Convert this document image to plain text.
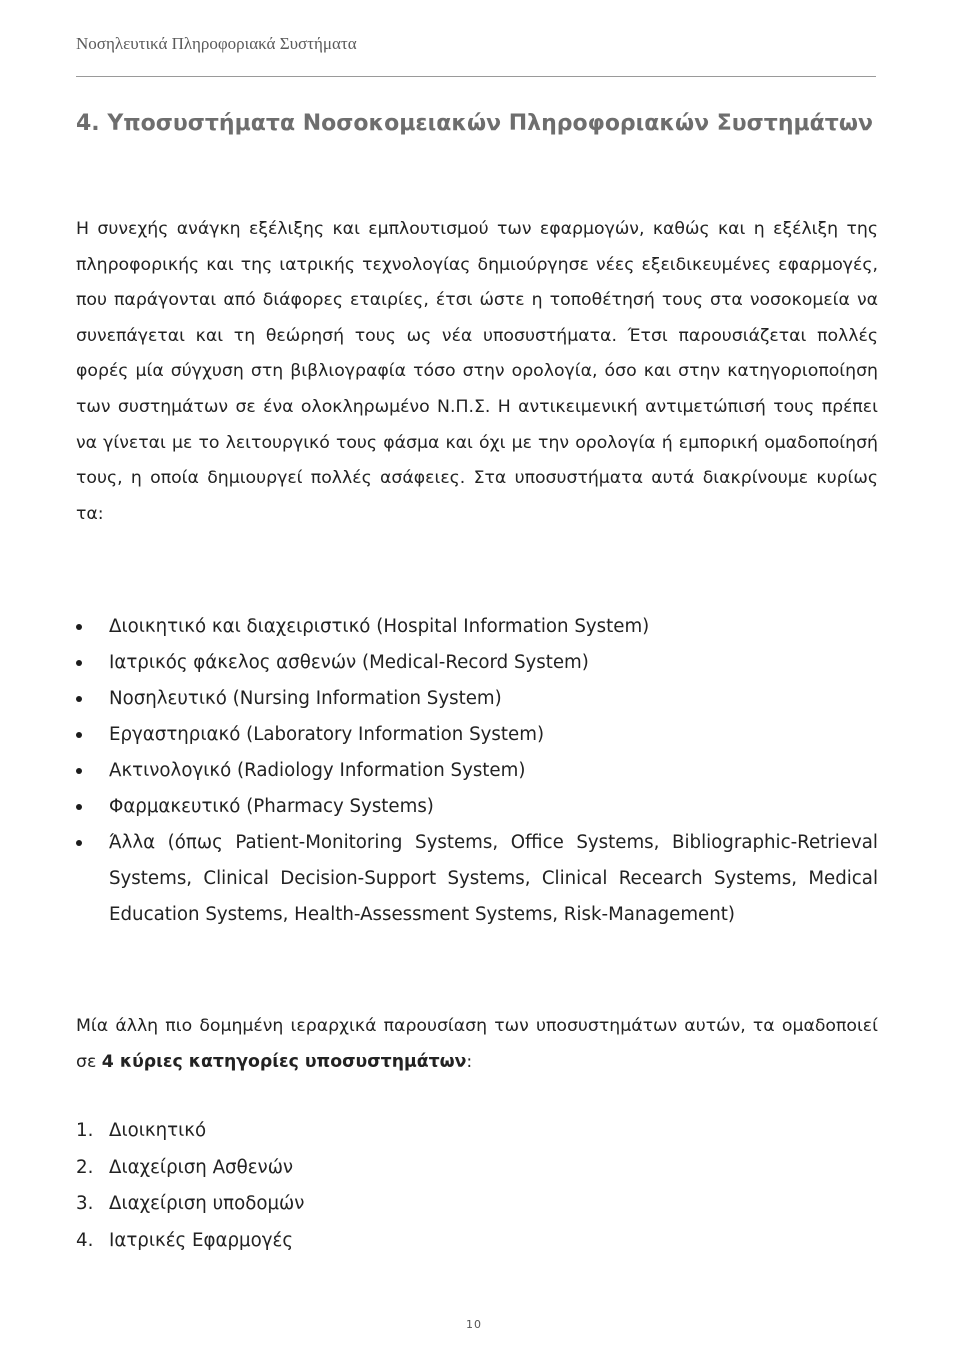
Νοσηλευτικά Πληροφοριακά Συστήματα
4. Υποσυστήματα Νοσοκομειακών Πληροφοριακών Συστημάτων

Η συνεχής ανάγκη εξέλιξης και εμπλουτισμού των εφαρμογών, καθώς και η εξέλιξη της πληροφορικής και της ιατρικής τεχνολογίας δημιούργησε νέες εξειδικευμένες εφαρμογές, που παράγονται από διάφορες εταιρίες, έτσι ώστε η τοποθέτησή τους στα νοσοκομεία να συνεπάγεται και τη θεώρησή τους ως νέα υποσυστήματα. Έτσι παρουσιάζεται πολλές φορές μία σύγχυση στη βιβλιογραφία τόσο στην ορολογία, όσο και στην κατηγοριοποίηση των συστημάτων σε ένα ολοκληρωμένο Ν.Π.Σ. Η αντικειμενική αντιμετώπισή τους πρέπει να γίνεται με το λειτουργικό τους φάσμα και όχι με την ορολογία ή εμπορική ομαδοποίησή τους, η οποία δημιουργεί πολλές ασάφειες. Στα υποσυστήματα αυτά διακρίνουμε κυρίως τα:

Διοικητικό και διαχειριστικό (Hospital Information System)
Ιατρικός φάκελος ασθενών (Medical-Record System)
Νοσηλευτικό (Nursing Information System)
Εργαστηριακό (Laboratory Information System)
Ακτινολογικό (Radiology Information System)
Φαρμακευτικό (Pharmacy Systems)
Άλλα (όπως Patient-Monitoring Systems, Office Systems, Bibliographic-Retrieval Systems, Clinical Decision-Support Systems, Clinical Recearch Systems, Medical Education Systems, Health-Assessment Systems, Risk-Management)

Μία άλλη πιο δομημένη ιεραρχικά παρουσίαση των υποσυστημάτων αυτών, τα ομαδοποιεί σε 4 κύριες κατηγορίες υποσυστημάτων:

1. Διοικητικό
2. Διαχείριση Ασθενών
3. Διαχείριση υποδομών
4. Ιατρικές Εφαρμογές
10
